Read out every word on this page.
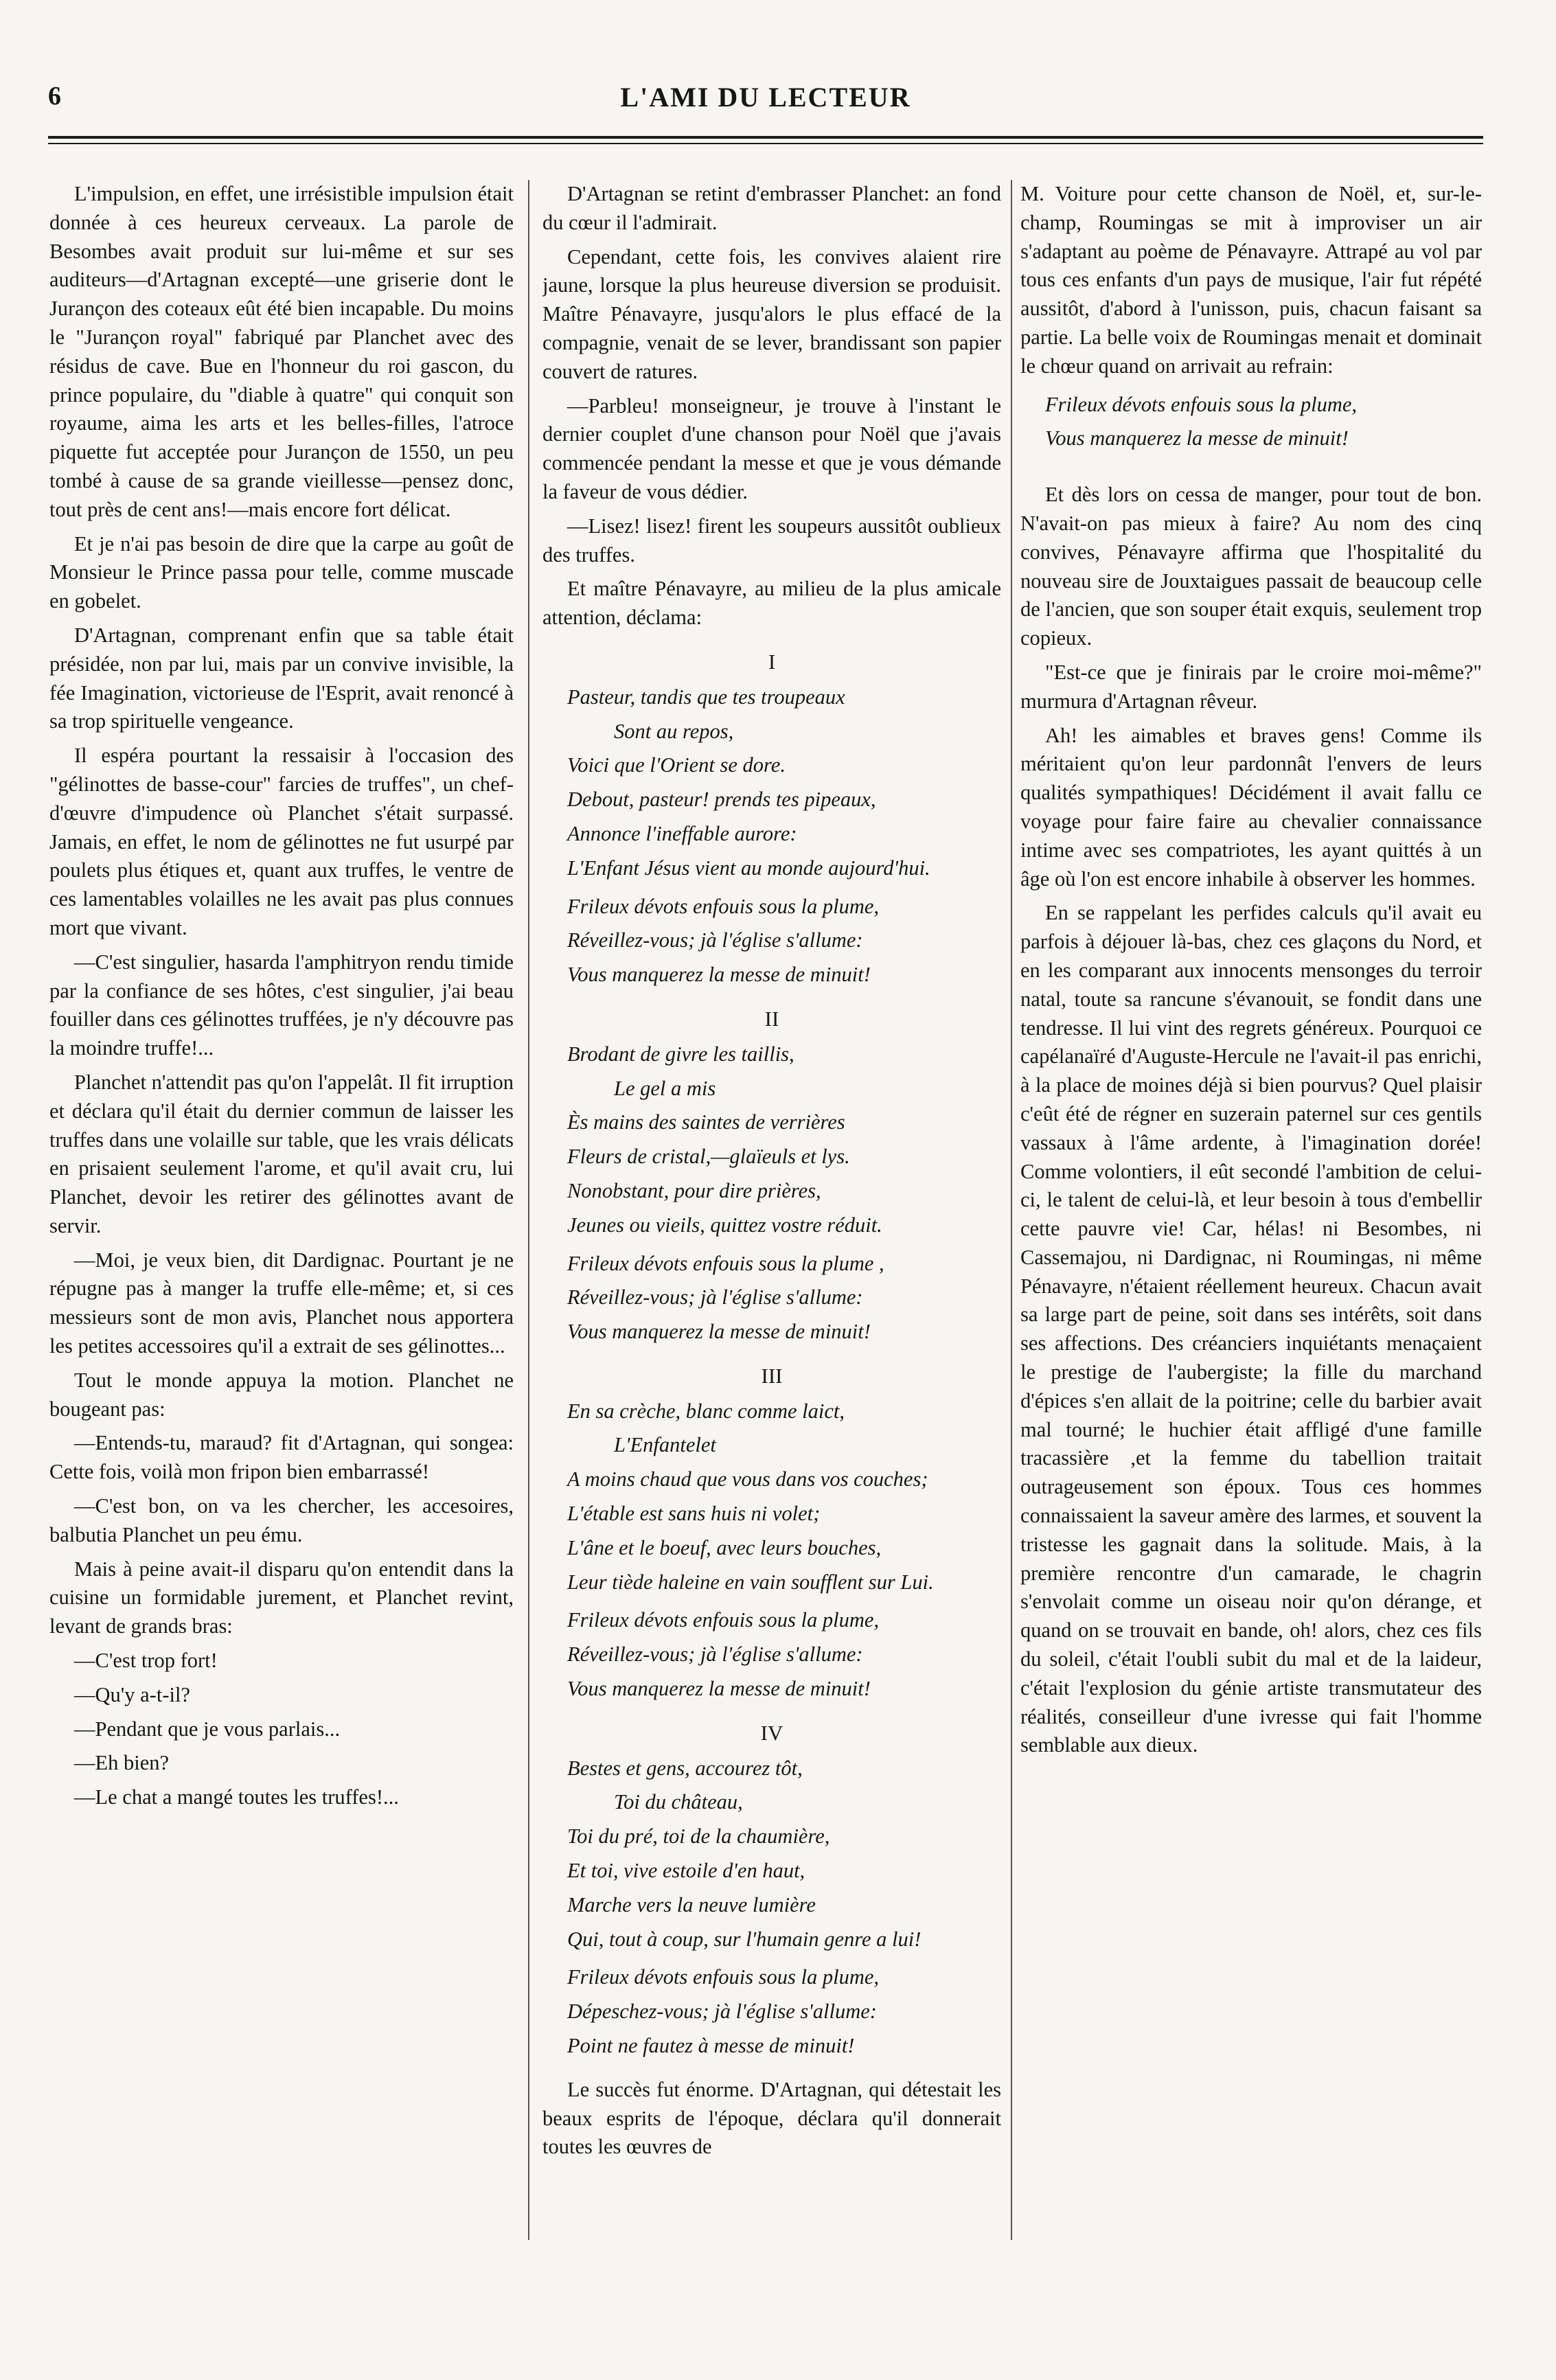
6	L'AMI DU LECTEUR

L'impulsion, en effet, une irrésistible impulsion était donnée à ces heureux cerveaux. La parole de Besombes avait produit sur lui-même et sur ses auditeurs—d'Artagnan excepté—une griserie dont le Jurançon des coteaux eût été bien incapable. Du moins le "Jurançon royal" fabriqué par Planchet avec des résidus de cave. Bue en l'honneur du roi gascon, du prince populaire, du "diable à quatre" qui conquit son royaume, aima les arts et les belles-filles, l'atroce piquette fut acceptée pour Jurançon de 1550, un peu tombé à cause de sa grande vieillesse—pensez donc, tout près de cent ans!—mais encore fort délicat.

Et je n'ai pas besoin de dire que la carpe au goût de Monsieur le Prince passa pour telle, comme muscade en gobelet.

D'Artagnan, comprenant enfin que sa table était présidée, non par lui, mais par un convive invisible, la fée Imagination, victorieuse de l'Esprit, avait renoncé à sa trop spirituelle vengeance.

Il espéra pourtant la ressaisir à l'occasion des "gélinottes de basse-cour" farcies de truffes", un chef-d'œuvre d'impudence où Planchet s'était surpassé. Jamais, en effet, le nom de gélinottes ne fut usurpé par poulets plus étiques et, quant aux truffes, le ventre de ces lamentables volailles ne les avait pas plus connues mort que vivant.

—C'est singulier, hasarda l'amphitryon rendu timide par la confiance de ses hôtes, c'est singulier, j'ai beau fouiller dans ces gélinottes truffées, je n'y découvre pas la moindre truffe!...

Planchet n'attendit pas qu'on l'appelât. Il fit irruption et déclara qu'il était du dernier commun de laisser les truffes dans une volaille sur table, que les vrais délicats en prisaient seulement l'arome, et qu'il avait cru, lui Planchet, devoir les retirer des gélinottes avant de servir.

—Moi, je veux bien, dit Dardignac. Pourtant je ne répugne pas à manger la truffe elle-même; et, si ces messieurs sont de mon avis, Planchet nous apportera les petites accessoires qu'il a extrait de ses gélinottes...

Tout le monde appuya la motion. Planchet ne bougeant pas:

—Entends-tu, maraud? fit d'Artagnan, qui songea: Cette fois, voilà mon fripon bien embarrassé!

—C'est bon, on va les chercher, les accesoires, balbutia Planchet un peu ému.

Mais à peine avait-il disparu qu'on entendit dans la cuisine un formidable jurement, et Planchet revint, levant de grands bras:

—C'est trop fort!

—Qu'y a-t-il?

—Pendant que je vous parlais...

—Eh bien?

—Le chat a mangé toutes les truffes!...

D'Artagnan se retint d'embrasser Planchet: an fond du cœur il l'admirait.

Cependant, cette fois, les convives alaient rire jaune, lorsque la plus heureuse diversion se produisit. Maître Pénavayre, jusqu'alors le plus effacé de la compagnie, venait de se lever, brandissant son papier couvert de ratures.

—Parbleu! monseigneur, je trouve à l'instant le dernier couplet d'une chanson pour Noël que j'avais commencée pendant la messe et que je vous démande la faveur de vous dédier.

—Lisez! lisez! firent les soupeurs aussitôt oublieux des truffes.

Et maître Pénavayre, au milieu de la plus amicale attention, déclama:

I

Pasteur, tandis que tes troupeaux

Sont au repos,

Voici que l'Orient se dore.

Debout, pasteur! prends tes pipeaux,

Annonce l'ineffable aurore:

L'Enfant Jésus vient au monde aujourd'hui.

Frileux dévots enfouis sous la plume,

Réveillez-vous; jà l'église s'allume:

Vous manquerez la messe de minuit!

II

Brodant de givre les taillis,

Le gel a mis

Ès mains des saintes de verrières

Fleurs de cristal,—glaïeuls et lys.

Nonobstant, pour dire prières,

Jeunes ou vieils, quittez vostre réduit.

Frileux dévots enfouis sous la plume ,

Réveillez-vous; jà l'église s'allume:

Vous manquerez la messe de minuit!

III

En sa crèche, blanc comme laict,

L'Enfantelet

A moins chaud que vous dans vos couches;

L'étable est sans huis ni volet;

L'âne et le boeuf, avec leurs bouches,

Leur tiède haleine en vain soufflent sur Lui.

Frileux dévots enfouis sous la plume,

Réveillez-vous; jà l'église s'allume:

Vous manquerez la messe de minuit!

IV

Bestes et gens, accourez tôt,

Toi du château,

Toi du pré, toi de la chaumière,

Et toi, vive estoile d'en haut,

Marche vers la neuve lumière

Qui, tout à coup, sur l'humain genre a lui!

Frileux dévots enfouis sous la plume,

Dépeschez-vous; jà l'église s'allume:

Point ne fautez à messe de minuit!

Le succès fut énorme. D'Artagnan, qui détestait les beaux esprits de l'époque, déclara qu'il donnerait toutes les œuvres de

M. Voiture pour cette chanson de Noël, et, sur-le-champ, Roumingas se mit à improviser un air s'adaptant au poème de Pénavayre. Attrapé au vol par tous ces enfants d'un pays de musique, l'air fut répété aussitôt, d'abord à l'unisson, puis, chacun faisant sa partie. La belle voix de Roumingas menait et dominait le chœur quand on arrivait au refrain:

Frileux dévots enfouis sous la plume,

Vous manquerez la messe de minuit!

Et dès lors on cessa de manger, pour tout de bon. N'avait-on pas mieux à faire? Au nom des cinq convives, Pénavayre affirma que l'hospitalité du nouveau sire de Jouxtaigues passait de beaucoup celle de l'ancien, que son souper était exquis, seulement trop copieux.

"Est-ce que je finirais par le croire moi-même?" murmura d'Artagnan rêveur.

Ah! les aimables et braves gens! Comme ils méritaient qu'on leur pardonnât l'envers de leurs qualités sympathiques! Décidément il avait fallu ce voyage pour faire faire au chevalier connaissance intime avec ses compatriotes, les ayant quittés à un âge où l'on est encore inhabile à observer les hommes.

En se rappelant les perfides calculs qu'il avait eu parfois à déjouer là-bas, chez ces glaçons du Nord, et en les comparant aux innocents mensonges du terroir natal, toute sa rancune s'évanouit, se fondit dans une tendresse. Il lui vint des regrets généreux. Pourquoi ce capélanaïré d'Auguste-Hercule ne l'avait-il pas enrichi, à la place de moines déjà si bien pourvus? Quel plaisir c'eût été de régner en suzerain paternel sur ces gentils vassaux à l'âme ardente, à l'imagination dorée! Comme volontiers, il eût secondé l'ambition de celui-ci, le talent de celui-là, et leur besoin à tous d'embellir cette pauvre vie! Car, hélas! ni Besombes, ni Cassemajou, ni Dardignac, ni Roumingas, ni même Pénavayre, n'étaient réellement heureux. Chacun avait sa large part de peine, soit dans ses intérêts, soit dans ses affections. Des créanciers inquiétants menaçaient le prestige de l'aubergiste; la fille du marchand d'épices s'en allait de la poitrine; celle du barbier avait mal tourné; le huchier était affligé d'une famille tracassière ,et la femme du tabellion traitait outrageusement son époux. Tous ces hommes connaissaient la saveur amère des larmes, et souvent la tristesse les gagnait dans la solitude. Mais, à la première rencontre d'un camarade, le chagrin s'envolait comme un oiseau noir qu'on dérange, et quand on se trouvait en bande, oh! alors, chez ces fils du soleil, c'était l'oubli subit du mal et de la laideur, c'était l'explosion du génie artiste transmutateur des réalités, conseilleur d'une ivresse qui fait l'homme semblable aux dieux.
